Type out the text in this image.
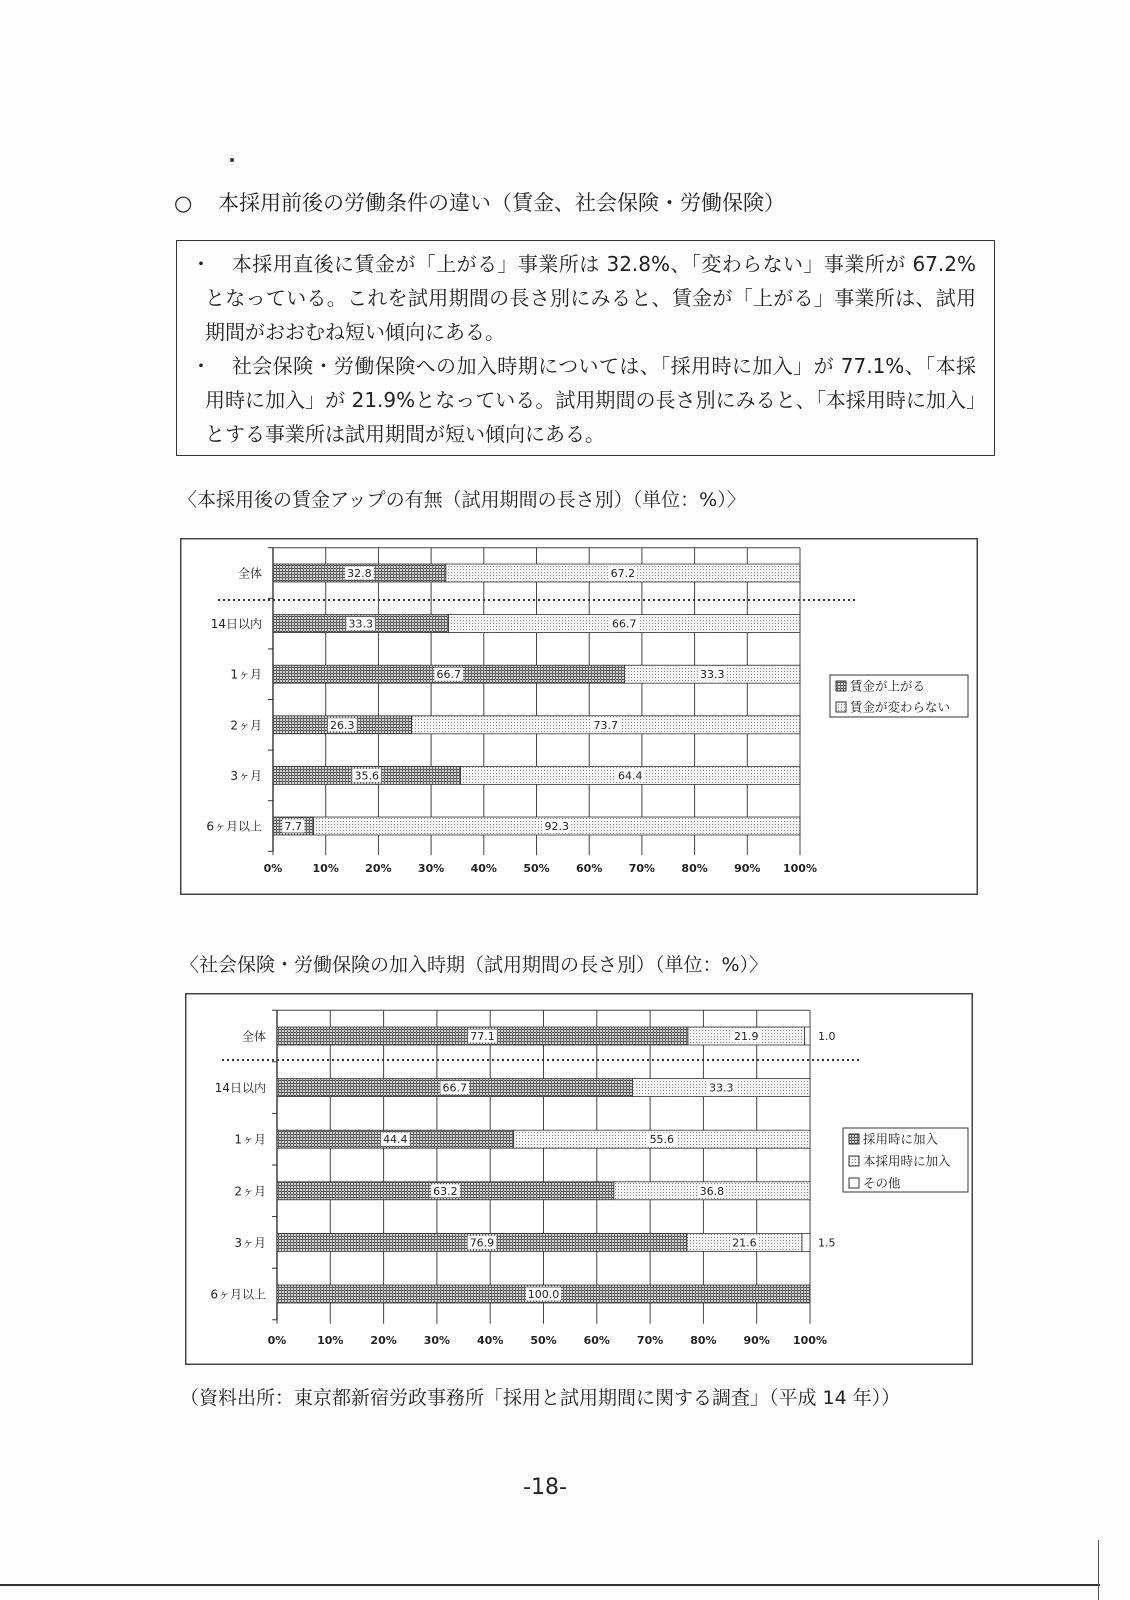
○ 本採用前後の労働条件の違い（賃金、社会保険・労働保険）

・　本採用直後に賃金が「上がる」事業所は 32.8%、「変わらない」事業所が 67.2%となっている。これを試用期間の長さ別にみると、賃金が「上がる」事業所は、試用期間がおおむね短い傾向にある。

・　社会保険・労働保険への加入時期については、「採用時に加入」が 77.1%、「本採用時に加入」が 21.9%となっている。試用期間の長さ別にみると、「本採用時に加入」とする事業所は試用期間が短い傾向にある。

〈本採用後の賃金アップの有無（試用期間の長さ別）（単位：%）〉
0%	10% 20% 30% 40% 50% 60% 70% 80% 90% 100%
32.8	67.2
全体
33.3	66.7
14日以内
66.7	33.3
1ヶ月
26.3	73.7
2ヶ月
35.6	64.4
3ヶ月
7.7	92.3
6ヶ月以上
賃金が上がる
賃金が変わらない
〈社会保険・労働保険の加入時期（試用期間の長さ別）（単位：%）〉
0%	10% 20% 30% 40% 50% 60% 70% 80% 90% 100%
77.1	21.9	1.0
全体
66.7	33.3
14日以内
44.4	55.6
1ヶ月
63.2	36.8
2ヶ月
76.9	21.6	1.5
3ヶ月
100.0
6ヶ月以上
採用時に加入
本採用時に加入
その他
（資料出所：東京都新宿労政事務所「採用と試用期間に関する調査」（平成 14 年））
-18-
